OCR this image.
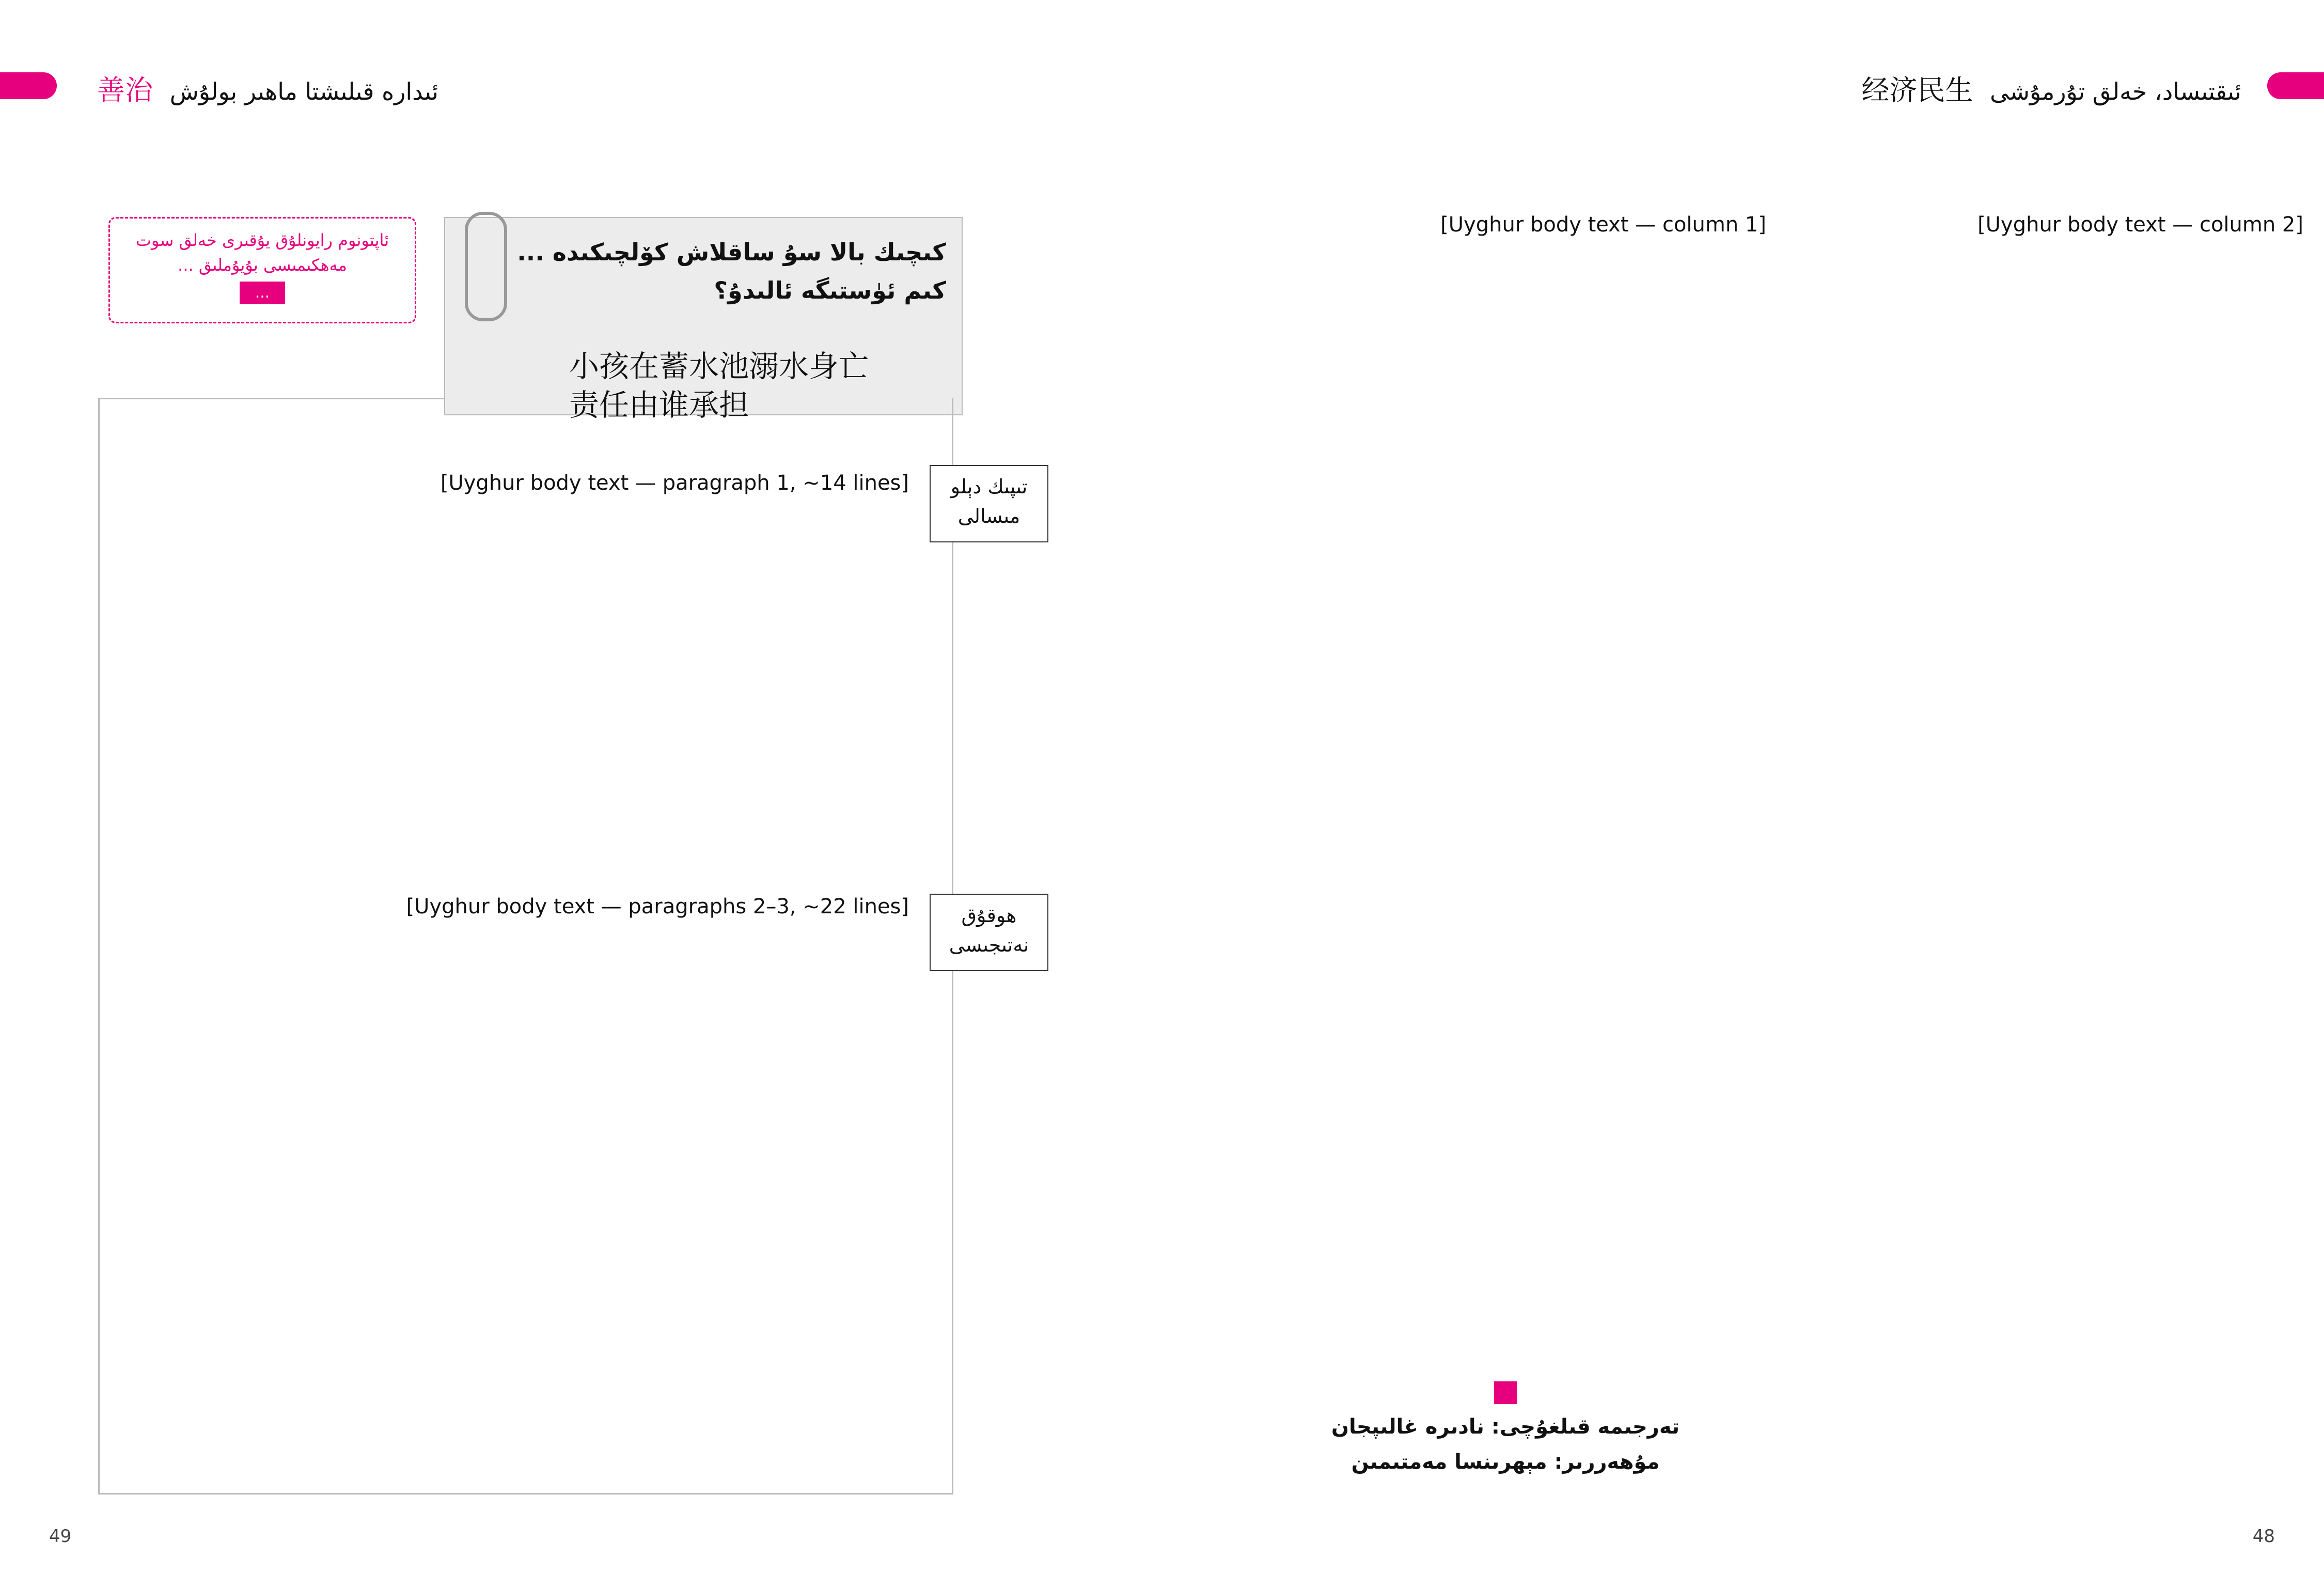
善治 ئىدارە قىلىشتا ماھىر بولۇش	经济民生 ئىقتىساد، خەلق تۇرمۇشى
ئاپتونوم رايونلۇق يۇقىرى خەلق سوت مەھكىمىسى بۇيۇملىق ...
...
كىچىك بالا سۇ ساقلاش كۆلچىكىدە ... كىم ئۈستىگە ئالىدۇ؟
小孩在蓄水池溺水身亡
责任由谁承担
تىپىك دېلو مىسالى
ھوقۇق نەتىجىسى
[Uyghur body text — paragraph 1, ~14 lines]
[Uyghur body text — paragraphs 2–3, ~22 lines]
49
[Uyghur body text — column 1]	[Uyghur body text — column 2]
تەرجىمە قىلغۇچى: نادىرە غالىپجان
مۇھەررىر: مېھرىنسا مەمتىمىن
48
